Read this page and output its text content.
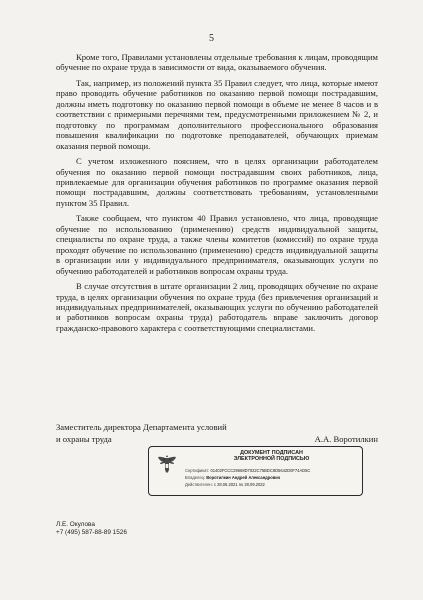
5

Кроме того, Правилами установлены отдельные требования к лицам, проводящим обучение по охране труда в зависимости от вида, оказываемого обучения.

Так, например, из положений пункта 35 Правил следует, что лица, которые имеют право проводить обучение работников по оказанию первой помощи пострадавшим, должны иметь подготовку по оказанию первой помощи в объеме не менее 8 часов и в соответствии с примерными перечнями тем, предусмотренными приложением № 2, и подготовку по программам дополнительного профессионального образования повышения квалификации по подготовке преподавателей, обучающих приемам оказания первой помощи.

С учетом изложенного поясняем, что в целях организации работодателем обучения по оказанию первой помощи пострадавшим своих работников, лица, привлекаемые для организации обучения работников по программе оказания первой помощи пострадавшим, должны соответствовать требованиям, установленными пунктом 35 Правил.

Также сообщаем, что пунктом 40 Правил установлено, что лица, проводящие обучение по использованию (применению) средств индивидуальной защиты, специалисты по охране труда, а также члены комитетов (комиссий) по охране труда проходят обучение по использованию (применению) средств индивидуальной защиты в организации или у индивидуального предпринимателя, оказывающих услуги по обучению работодателей и работников вопросам охраны труда.

В случае отсутствия в штате организации 2 лиц, проводящих обучение по охране труда, в целях организации обучения по охране труда (без привлечения организаций и индивидуальных предпринимателей, оказывающих услуги по обучению работодателей и работников вопросам охраны труда) работодатель вправе заключить договор гражданско-правового характера с соответствующими специалистами.

Заместитель директора Департамента условий
и охраны труда	А.А. Воротилкин
ДОКУМЕНТ ПОДПИСАН
ЭЛЕКТРОННОЙ ПОДПИСЬЮ
Сертификат: 01402FCCC29668D7022C75BDC8D5642D0F74AD5C
Владелец: Воротилкин Андрей Александрович
Действителен: с 28.06.2021 по 28.09.2022
Л.Е. Окулова
+7 (495) 587-88-89 1526
